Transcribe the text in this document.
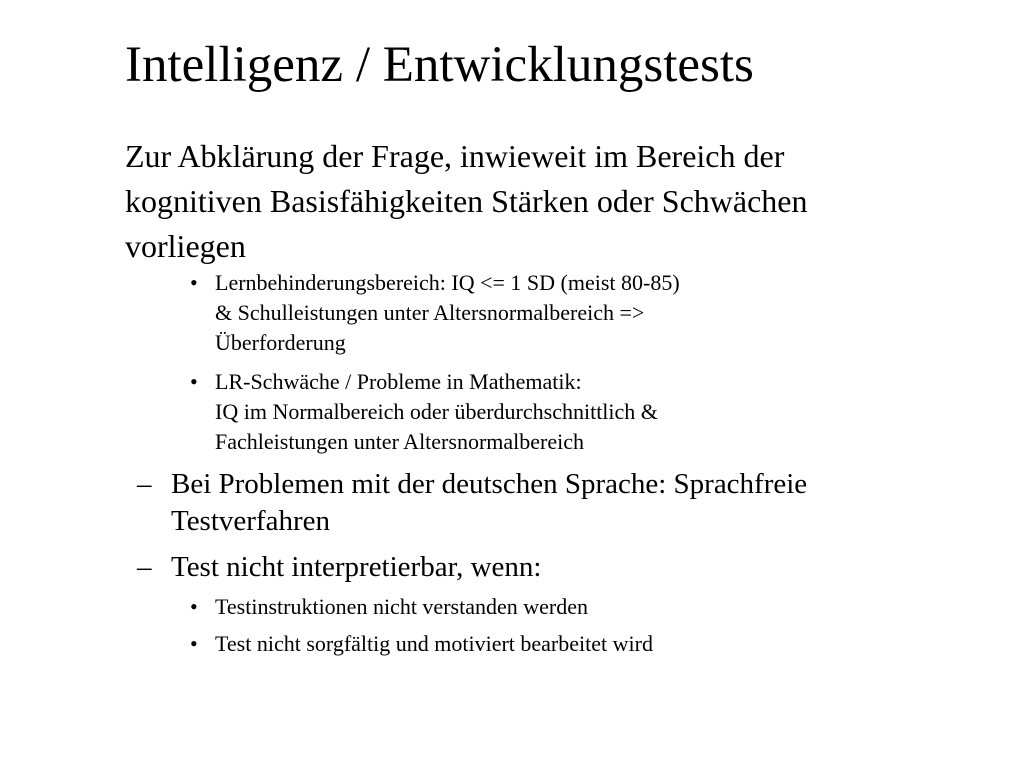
Intelligenz / Entwicklungstests
Zur Abklärung der Frage, inwieweit im Bereich der kognitiven Basisfähigkeiten Stärken oder Schwächen vorliegen
• Lernbehinderungsbereich: IQ <= 1 SD (meist 80-85)
& Schulleistungen unter Altersnormalbereich =>
Überforderung
• LR-Schwäche / Probleme in Mathematik:
IQ im Normalbereich oder überdurchschnittlich &
Fachleistungen unter Altersnormalbereich
– Bei Problemen mit der deutschen Sprache: Sprachfreie
Testverfahren
– Test nicht interpretierbar, wenn:
• Testinstruktionen nicht verstanden werden
• Test nicht sorgfältig und motiviert bearbeitet wird
